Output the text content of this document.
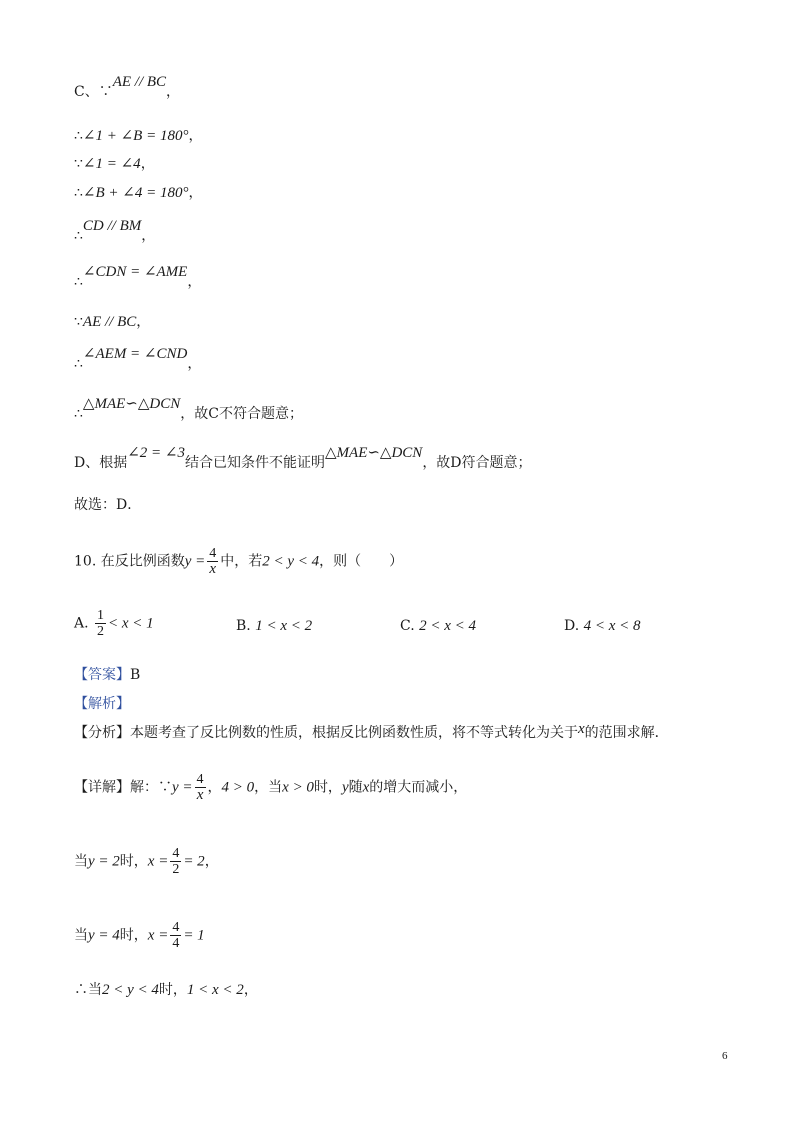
C、∵AE // BC，
∴∠1 + ∠B = 180°，
∵∠1 = ∠4，
∴∠B + ∠4 = 180°，
∴CD // BM，
∴∠CDN = ∠AME，
∵AE // BC，
∴∠AEM = ∠CND，
∴△MAE∽△DCN，故C不符合题意；
D、根据∠2 = ∠3结合已知条件不能证明△MAE∽△DCN，故D符合题意；
故选：D．
10. 在反比例函数$y = \frac{4}{x}$ 中，若2 < y < 4，则（　　）
A. $\frac{1}{2} < x < 1$	B. 1 < x < 2	C. 2 < x < 4	D. 4 < x < 8
【答案】B
【解析】
【分析】本题考查了反比例数的性质，根据反比例函数性质，将不等式转化为关于x的范围求解．
【详解】解：∵y = $\frac{4}{x}$ ，4 > 0，当x > 0时，y随x的增大而减小，
当y = 2时，$x = \frac{4}{2} = 2$，
当y = 4时，$x = \frac{4}{4} = 1$
∴当2 < y < 4时，1 < x < 2，
6
